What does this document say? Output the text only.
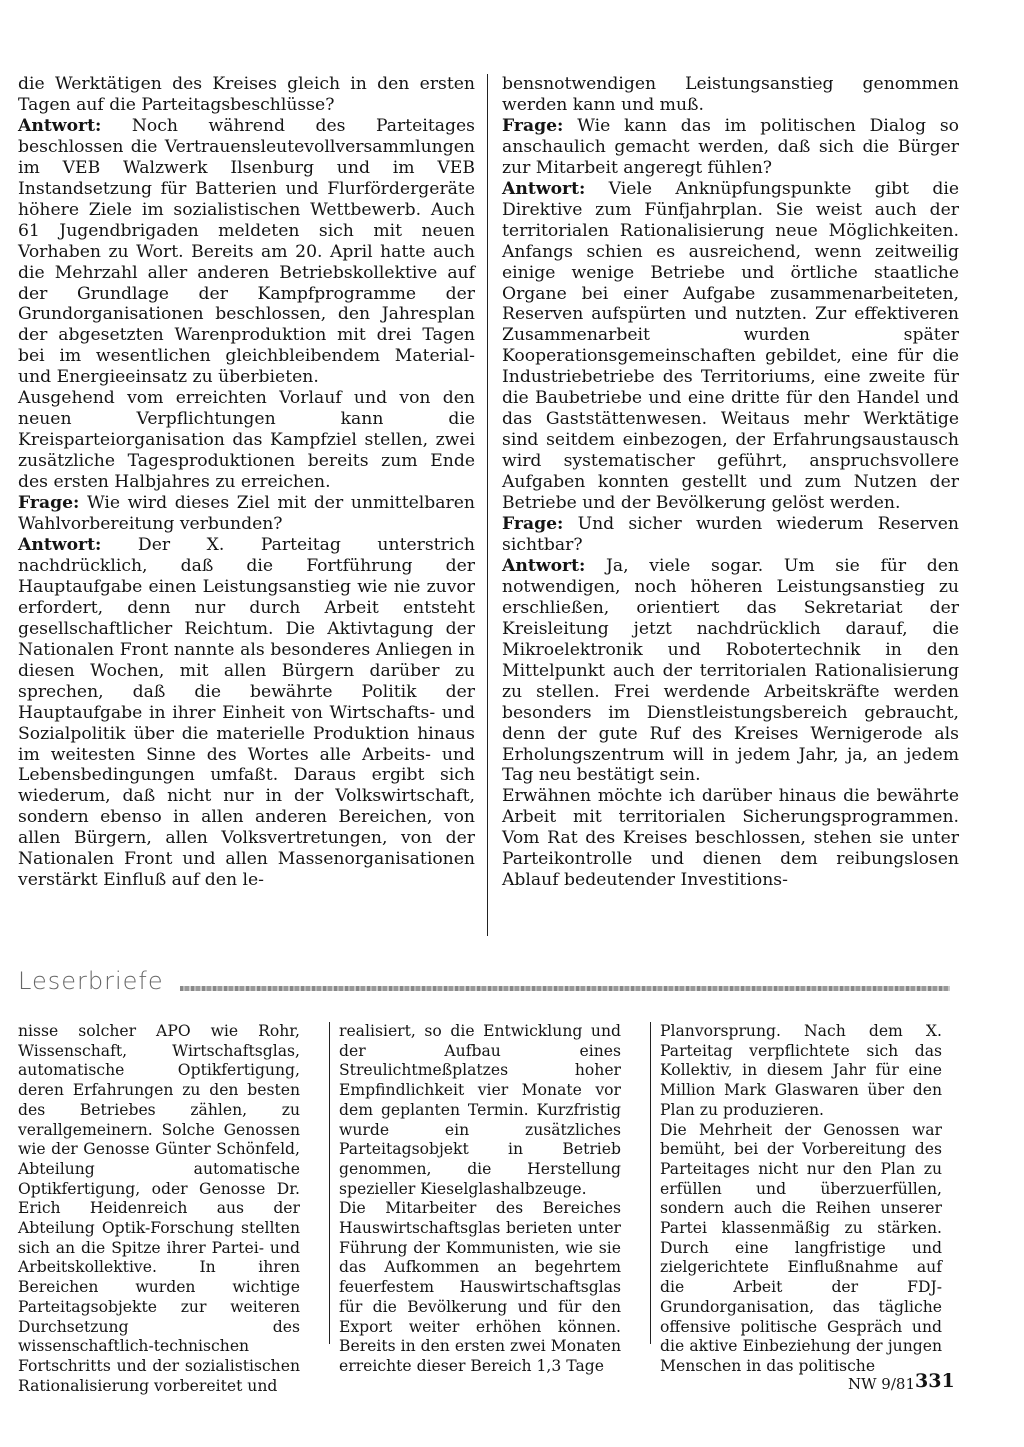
die Werktätigen des Kreises gleich in den ersten Tagen auf die Parteitagsbeschlüsse?

Antwort: Noch während des Parteitages beschlossen die Vertrauensleutevollversammlungen im VEB Walzwerk Ilsenburg und im VEB Instandsetzung für Batterien und Flurfördergeräte höhere Ziele im sozialistischen Wettbewerb. Auch 61 Jugendbrigaden meldeten sich mit neuen Vorhaben zu Wort. Bereits am 20. April hatte auch die Mehrzahl aller anderen Betriebskollektive auf der Grundlage der Kampfprogramme der Grundorganisationen beschlossen, den Jahresplan der abgesetzten Warenproduktion mit drei Tagen bei im wesentlichen gleichbleibendem Material- und Energieeinsatz zu überbieten.

Ausgehend vom erreichten Vorlauf und von den neuen Verpflichtungen kann die Kreisparteiorganisation das Kampfziel stellen, zwei zusätzliche Tagesproduktionen bereits zum Ende des ersten Halbjahres zu erreichen.

Frage: Wie wird dieses Ziel mit der unmittelbaren Wahlvorbereitung verbunden?

Antwort: Der X. Parteitag unterstrich nachdrücklich, daß die Fortführung der Hauptaufgabe einen Leistungsanstieg wie nie zuvor erfordert, denn nur durch Arbeit entsteht gesellschaftlicher Reichtum. Die Aktivtagung der Nationalen Front nannte als besonderes Anliegen in diesen Wochen, mit allen Bürgern darüber zu sprechen, daß die bewährte Politik der Hauptaufgabe in ihrer Einheit von Wirtschafts- und Sozialpolitik über die materielle Produktion hinaus im weitesten Sinne des Wortes alle Arbeits- und Lebensbedingungen umfaßt. Daraus ergibt sich wiederum, daß nicht nur in der Volkswirtschaft, sondern ebenso in allen anderen Bereichen, von allen Bürgern, allen Volksvertretungen, von der Nationalen Front und allen Massenorganisationen verstärkt Einfluß auf den le-

bensnotwendigen Leistungsanstieg genommen werden kann und muß.

Frage: Wie kann das im politischen Dialog so anschaulich gemacht werden, daß sich die Bürger zur Mitarbeit angeregt fühlen?

Antwort: Viele Anknüpfungspunkte gibt die Direktive zum Fünfjahrplan. Sie weist auch der territorialen Rationalisierung neue Möglichkeiten. Anfangs schien es ausreichend, wenn zeitweilig einige wenige Betriebe und örtliche staatliche Organe bei einer Aufgabe zusammenarbeiteten, Reserven aufspürten und nutzten. Zur effektiveren Zusammenarbeit wurden später Kooperationsgemeinschaften gebildet, eine für die Industriebetriebe des Territoriums, eine zweite für die Baubetriebe und eine dritte für den Handel und das Gaststättenwesen. Weitaus mehr Werktätige sind seitdem einbezogen, der Erfahrungsaustausch wird systematischer geführt, anspruchsvollere Aufgaben konnten gestellt und zum Nutzen der Betriebe und der Bevölkerung gelöst werden.

Frage: Und sicher wurden wiederum Reserven sichtbar?

Antwort: Ja, viele sogar. Um sie für den notwendigen, noch höheren Leistungsanstieg zu erschließen, orientiert das Sekretariat der Kreisleitung jetzt nachdrücklich darauf, die Mikroelektronik und Robotertechnik in den Mittelpunkt auch der territorialen Rationalisierung zu stellen. Frei werdende Arbeitskräfte werden besonders im Dienstleistungsbereich gebraucht, denn der gute Ruf des Kreises Wernigerode als Erholungszentrum will in jedem Jahr, ja, an jedem Tag neu bestätigt sein.

Erwähnen möchte ich darüber hinaus die bewährte Arbeit mit territorialen Sicherungsprogrammen. Vom Rat des Kreises beschlossen, stehen sie unter Parteikontrolle und dienen dem reibungslosen Ablauf bedeutender Investitions-

Leserbriefe

nisse solcher APO wie Rohr, Wissenschaft, Wirtschaftsglas, automatische Optikfertigung, deren Erfahrungen zu den besten des Betriebes zählen, zu verallgemeinern. Solche Genossen wie der Genosse Günter Schönfeld, Abteilung automatische Optikfertigung, oder Genosse Dr. Erich Heidenreich aus der Abteilung Optik-Forschung stellten sich an die Spitze ihrer Partei- und Arbeitskollektive. In ihren Bereichen wurden wichtige Parteitagsobjekte zur weiteren Durchsetzung des wissenschaftlich-technischen Fortschritts und der sozialistischen Rationalisierung vorbereitet und

realisiert, so die Entwicklung und der Aufbau eines Streulichtmeßplatzes hoher Empfindlichkeit vier Monate vor dem geplanten Termin. Kurzfristig wurde ein zusätzliches Parteitagsobjekt in Betrieb genommen, die Herstellung spezieller Kieselglashalbzeuge.

Die Mitarbeiter des Bereiches Hauswirtschaftsglas berieten unter Führung der Kommunisten, wie sie das Aufkommen an begehrtem feuerfestem Hauswirtschaftsglas für die Bevölkerung und für den Export weiter erhöhen können. Bereits in den ersten zwei Monaten erreichte dieser Bereich 1,3 Tage

Planvorsprung. Nach dem X. Parteitag verpflichtete sich das Kollektiv, in diesem Jahr für eine Million Mark Glaswaren über den Plan zu produzieren.

Die Mehrheit der Genossen war bemüht, bei der Vorbereitung des Parteitages nicht nur den Plan zu erfüllen und überzuerfüllen, sondern auch die Reihen unserer Partei klassenmäßig zu stärken. Durch eine langfristige und zielgerichtete Einflußnahme auf die Arbeit der FDJ-Grundorganisation, das tägliche offensive politische Gespräch und die aktive Einbeziehung der jungen Menschen in das politische

NW 9/81 331
